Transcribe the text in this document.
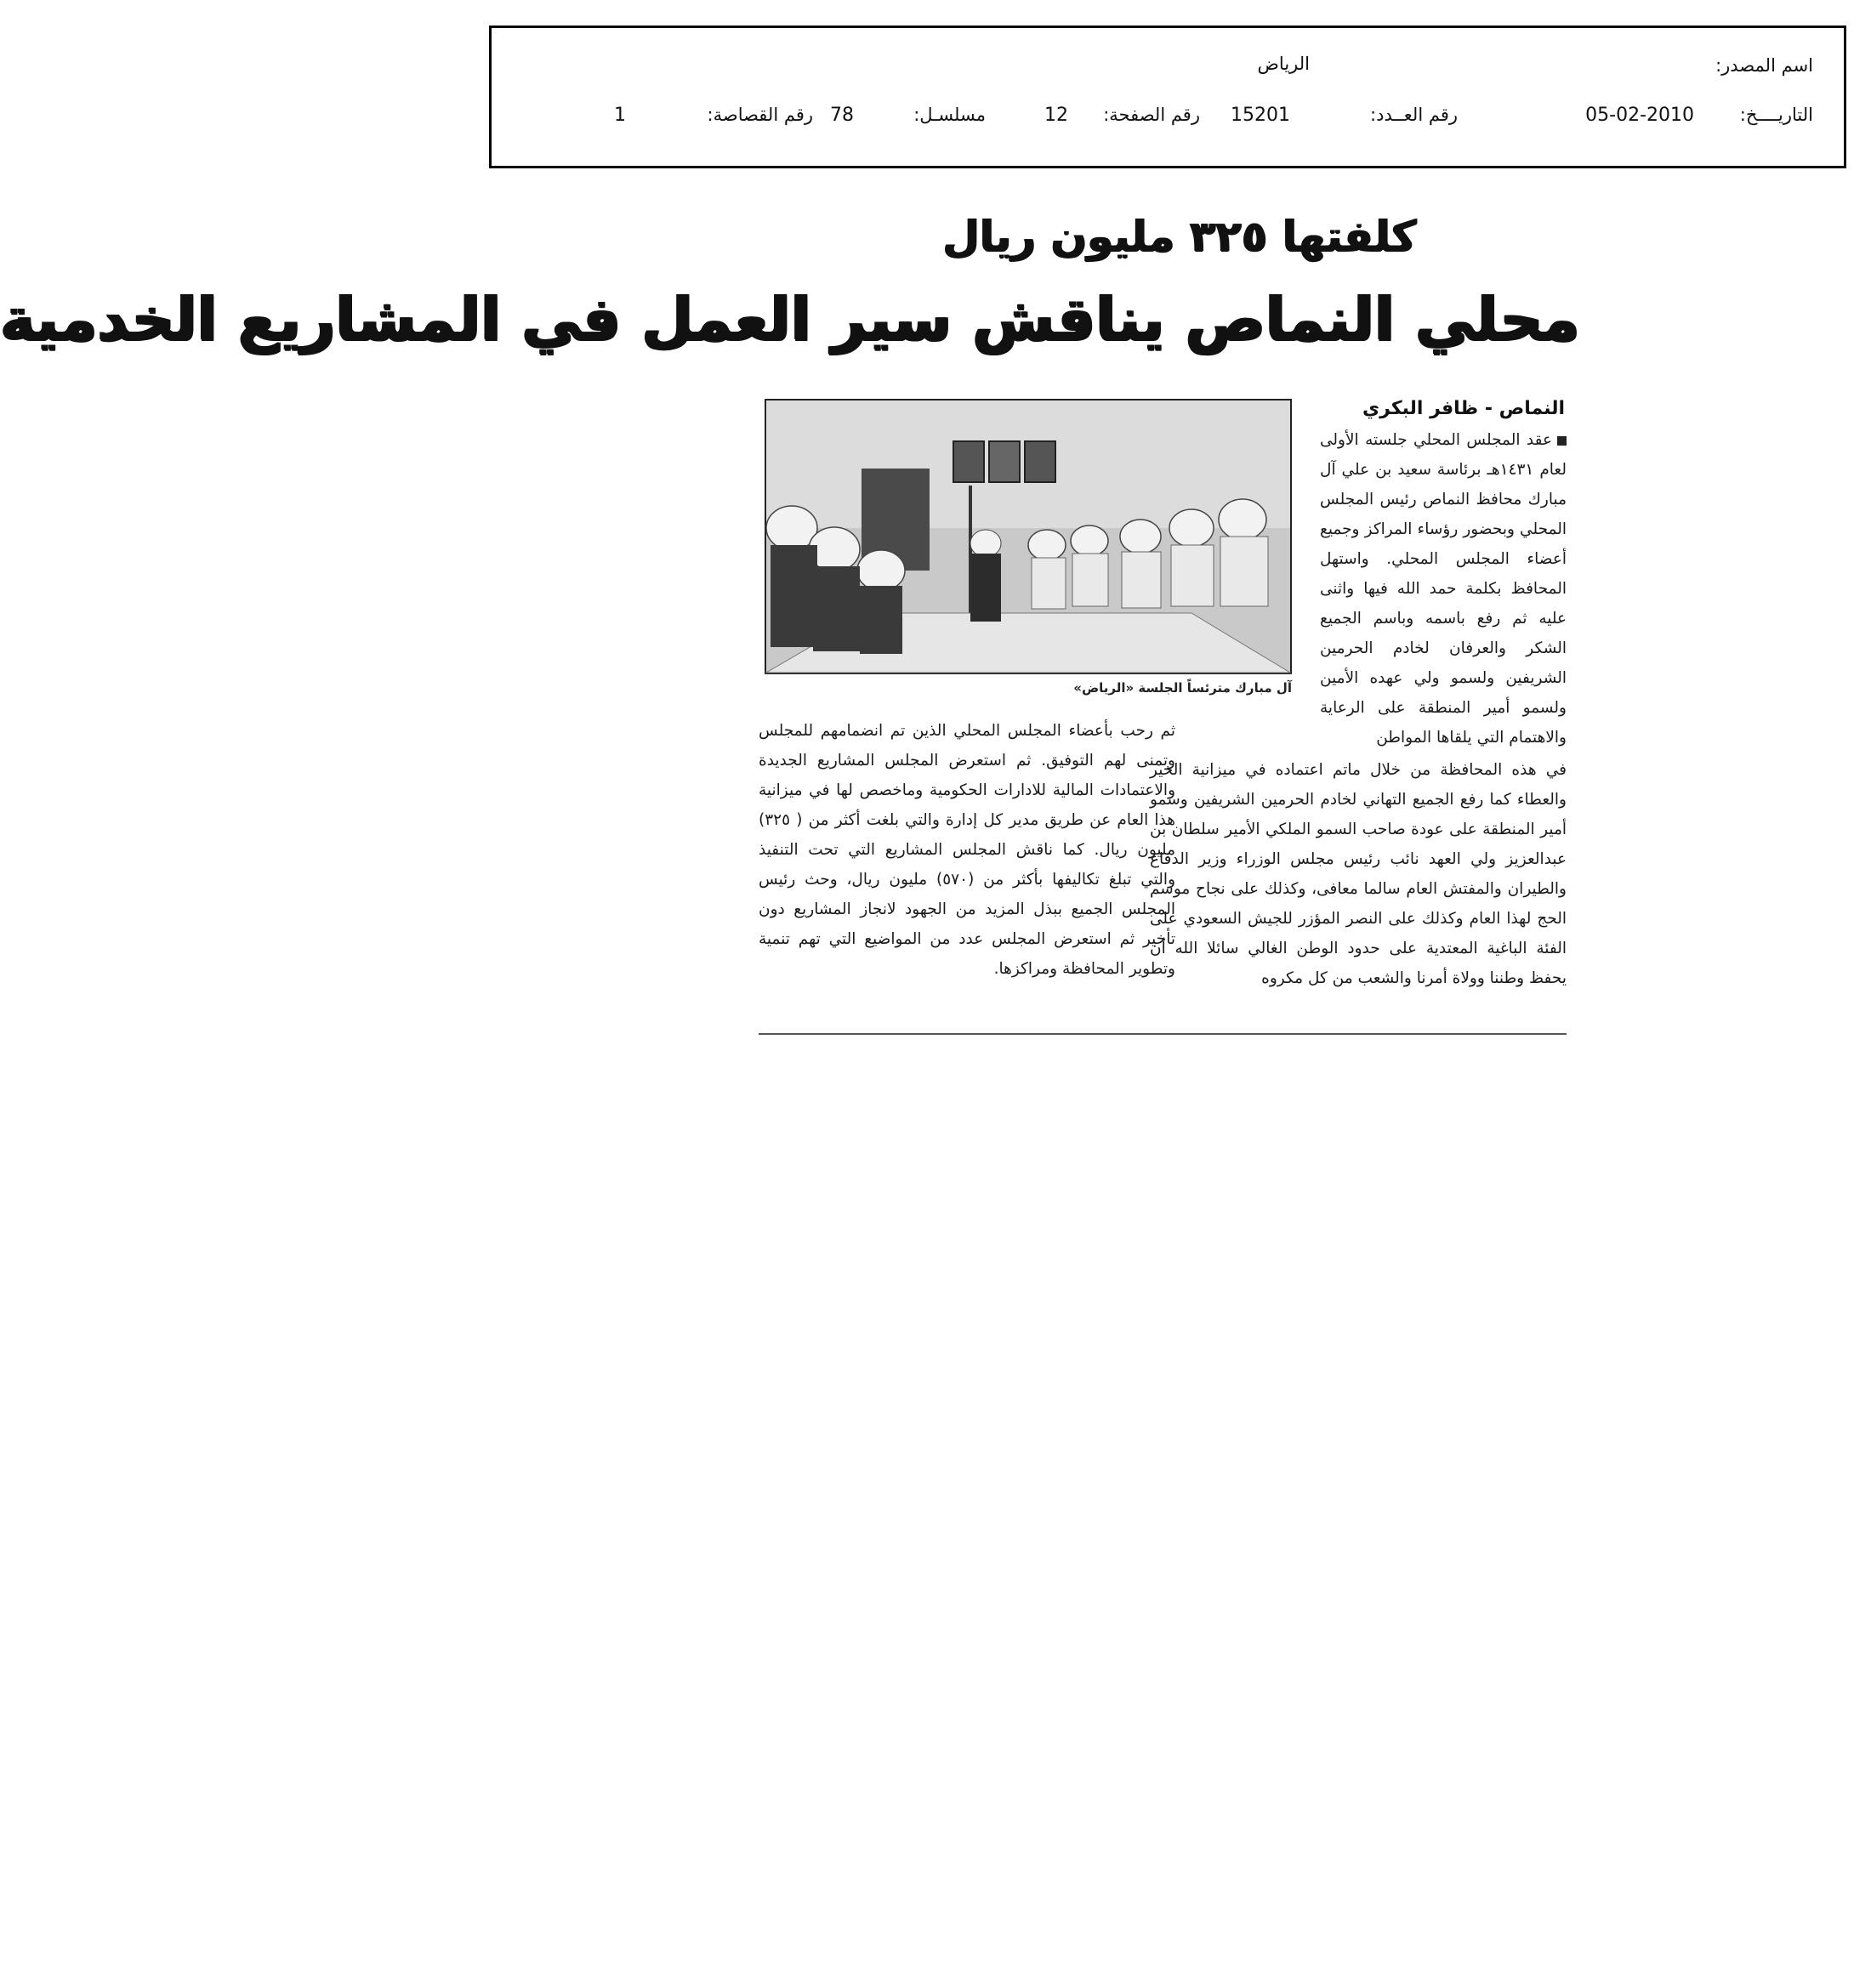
اسم المصدر:
الرياض
التاريــــخ:
05-02-2010
رقم العــدد:
15201
رقم الصفحة:
12
مسلسـل:
78
رقم القصاصة:
1
كلفتها ٣٢٥ مليون ريال
محلي النماص يناقش سير العمل في المشاريع الخدمية
النماص - ظافر البكري
عقد المجلس المحلي جلسته الأولى لعام ١٤٣١هـ برئاسة سعيد بن علي آل مبارك محافظ النماص رئيس المجلس المحلي وبحضور رؤساء المراكز وجميع أعضاء المجلس المحلي. واستهل المحافظ بكلمة حمد الله فيها واثنى عليه ثم رفع باسمه وباسم الجميع الشكر والعرفان لخادم الحرمين الشريفين ولسمو ولي عهده الأمين ولسمو أمير المنطقة على الرعاية والاهتمام التي يلقاها المواطن
آل مبارك مترئساً الجلسة «الرياض»
في هذه المحافظة من خلال ماتم اعتماده في ميزانية الخير والعطاء كما رفع الجميع التهاني لخادم الحرمين الشريفين وسمو أمير المنطقة على عودة صاحب السمو الملكي الأمير سلطان بن عبدالعزيز ولي العهد نائب رئيس مجلس الوزراء وزير الدفاع والطيران والمفتش العام سالما معافى، وكذلك على نجاح موسم الحج لهذا العام وكذلك على النصر المؤزر للجيش السعودي على الفئة الباغية المعتدية على حدود الوطن الغالي سائلا الله أن يحفظ وطننا وولاة أمرنا والشعب من كل مكروه
ثم رحب بأعضاء المجلس المحلي الذين تم انضمامهم للمجلس وتمنى لهم التوفيق. ثم استعرض المجلس المشاريع الجديدة والاعتمادات المالية للادارات الحكومية وماخصص لها في ميزانية هذا العام عن طريق مدير كل إدارة والتي بلغت أكثر من ( ٣٢٥) مليون ريال. كما ناقش المجلس المشاريع التي تحت التنفيذ والتي تبلغ تكاليفها بأكثر من (٥٧٠) مليون ريال، وحث رئيس المجلس الجميع ببذل المزيد من الجهود لانجاز المشاريع دون تأخير ثم استعرض المجلس عدد من المواضيع التي تهم تنمية وتطوير المحافظة ومراكزها.
